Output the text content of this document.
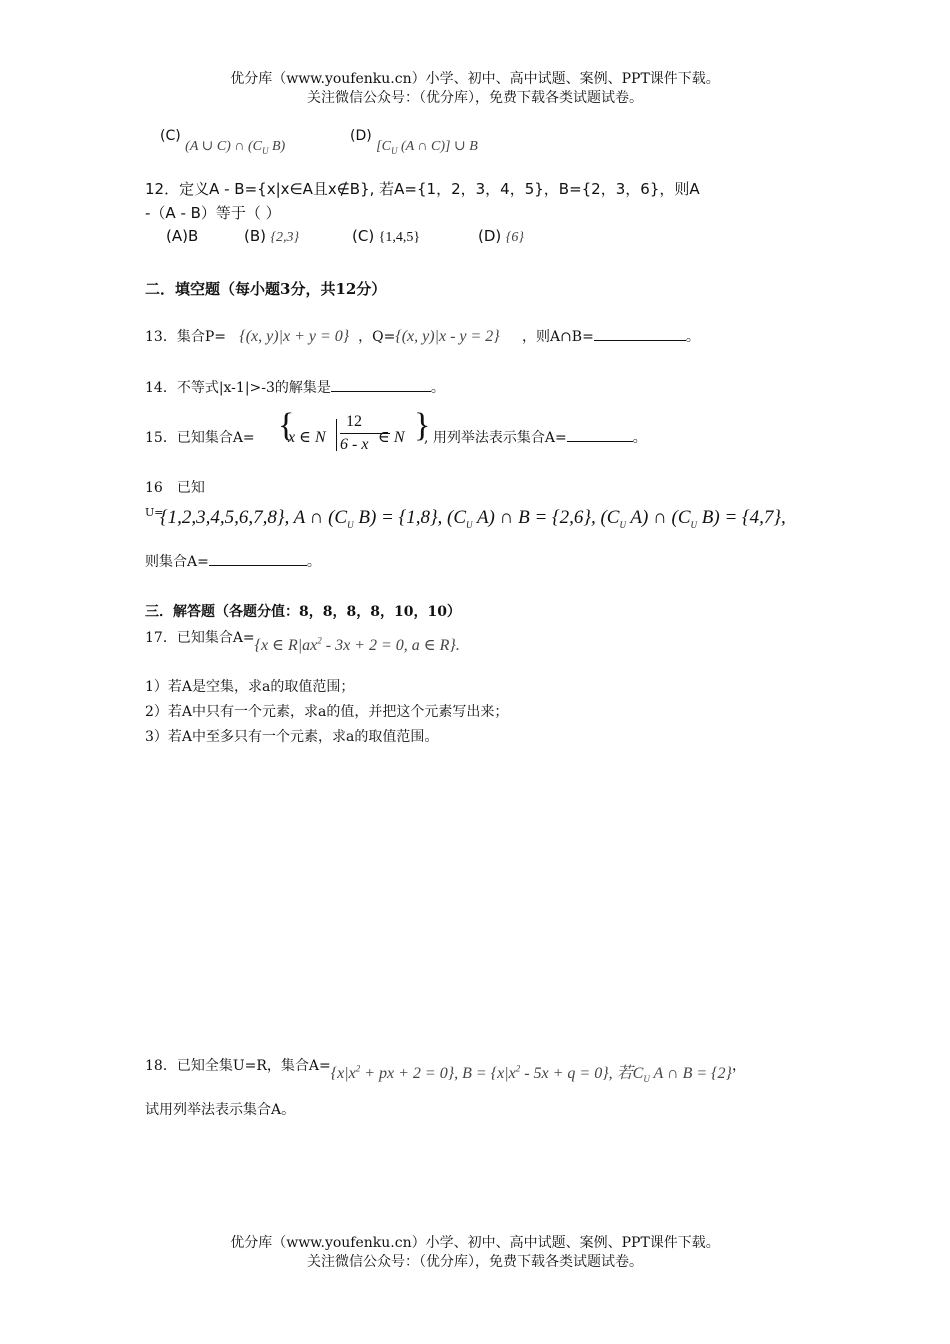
优分库（www.youfenku.cn）小学、初中、高中试题、案例、PPT课件下载。
关注微信公众号：（优分库），免费下载各类试题试卷。
(C) (A ∪ C) ∩ ($C_U$ B)
(D) [$C_U$ (A ∩ C)] ∪ B
12．定义A - B={x|x∈A且x∉B}, 若A={1，2，3，4，5}，B={2，3，6}，则A
-（A - B）等于（ ）
(A)B	(B) {2,3}	(C) {1,4,5}	(D) {6}
二．填空题（每小题3分，共12分）
13．集合P= {(x, y)|x + y = 0} ，Q={(x, y)|x - y = 2} ，则A∩B=	。
14．不等式|x-1|>-3的解集是	。
15．已知集合A= {
x ∈ N
12
6 - x ∈ N }
, 用列举法表示集合A=	。
16　已知
U=
{1,2,3,4,5,6,7,8}, A ∩ ($C_U$ B) = {1,8}, ($C_U$ A) ∩ B = {2,6}, ($C_U$ A) ∩ ($C_U$ B) = {4,7},
则集合A=	。
三．解答题（各题分值：8，8，8，8，10，10）
17．已知集合A={x ∈ $R|ax^2 - 3x + 2 = 0$, a ∈ R}.
1）若A是空集，求a的取值范围；
2）若A中只有一个元素，求a的值，并把这个元素写出来；
3）若A中至多只有一个元素，求a的取值范围。
18．已知全集U=R，集合$A=\{x|x^2$ + px + 2 = 0}, $B = \{x|x^2 - 5x + q = 0\}$, 若$C_U$ A ∩ B = {2}，
试用列举法表示集合A。
优分库（www.youfenku.cn）小学、初中、高中试题、案例、PPT课件下载。
关注微信公众号：（优分库），免费下载各类试题试卷。
